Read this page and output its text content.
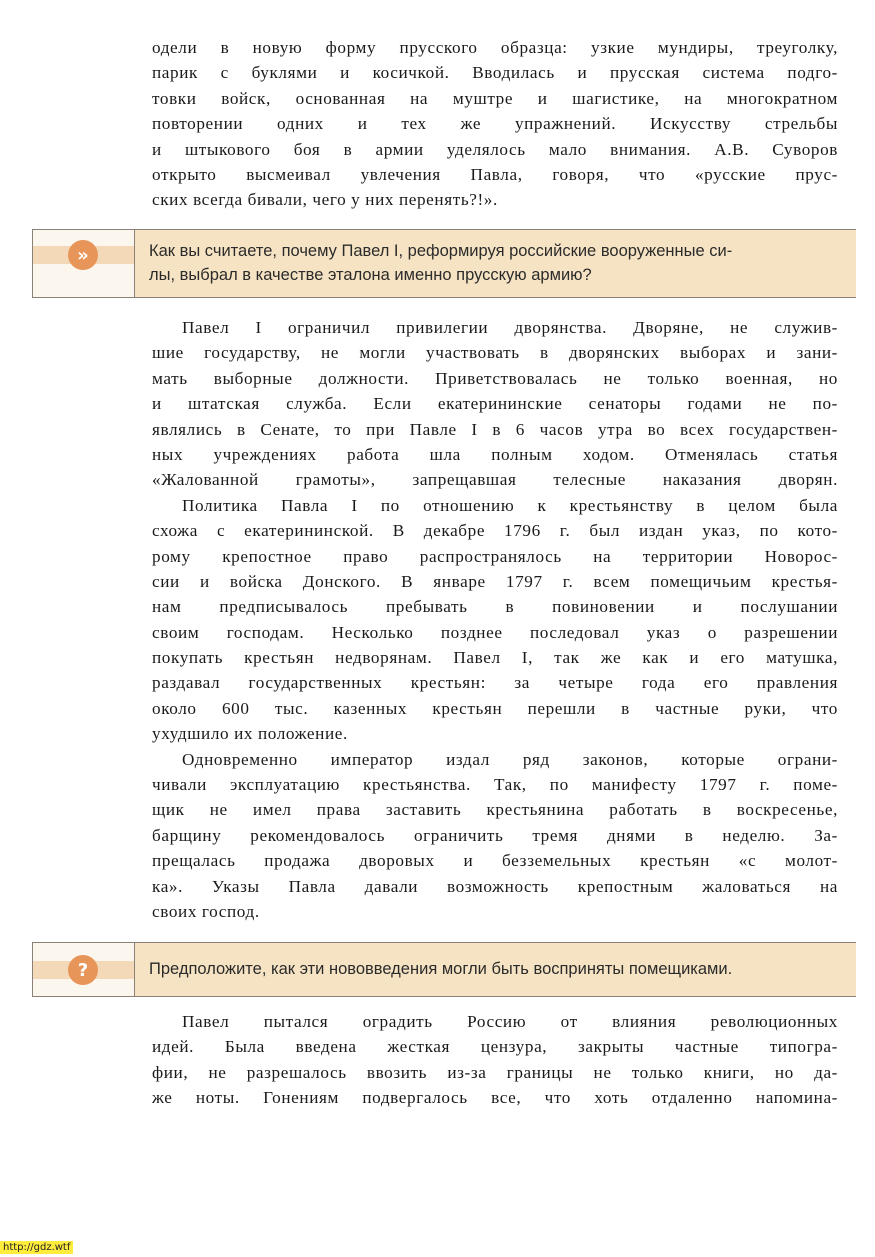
одели в новую форму прусского образца: узкие мундиры, треуголку,
парик с буклями и косичкой. Вводилась и прусская система подго-
товки войск, основанная на муштре и шагистике, на многократном
повторении одних и тех же упражнений. Искусству стрельбы
и штыкового боя в армии уделялось мало внимания. А.В. Суворов
открыто высмеивал увлечения Павла, говоря, что «русские прус-
ских всегда бивали, чего у них перенять?!».
»	Как вы считаете, почему Павел I, реформируя российские вооруженные си-
лы, выбрал в качестве эталона именно прусскую армию?
Павел I ограничил привилегии дворянства. Дворяне, не служив-
шие государству, не могли участвовать в дворянских выборах и зани-
мать выборные должности. Приветствовалась не только военная, но
и штатская служба. Если екатерининские сенаторы годами не по-
являлись в Сенате, то при Павле I в 6 часов утра во всех государствен-
ных учреждениях работа шла полным ходом. Отменялась статья
«Жалованной грамоты», запрещавшая телесные наказания дворян.
Политика Павла I по отношению к крестьянству в целом была
схожа с екатерининской. В декабре 1796 г. был издан указ, по кото-
рому крепостное право распространялось на территории Новорос-
сии и войска Донского. В январе 1797 г. всем помещичьим крестья-
нам предписывалось пребывать в повиновении и послушании
своим господам. Несколько позднее последовал указ о разрешении
покупать крестьян недворянам. Павел I, так же как и его матушка,
раздавал государственных крестьян: за четыре года его правления
около 600 тыс. казенных крестьян перешли в частные руки, что
ухудшило их положение.
Одновременно император издал ряд законов, которые ограни-
чивали эксплуатацию крестьянства. Так, по манифесту 1797 г. поме-
щик не имел права заставить крестьянина работать в воскресенье,
барщину рекомендовалось ограничить тремя днями в неделю. За-
прещалась продажа дворовых и безземельных крестьян «с молот-
ка». Указы Павла давали возможность крепостным жаловаться на
своих господ.
?	Предположите, как эти нововведения могли быть восприняты помещиками.
Павел пытался оградить Россию от влияния революционных
идей. Была введена жесткая цензура, закрыты частные типогра-
фии, не разрешалось ввозить из-за границы не только книги, но да-
же ноты. Гонениям подвергалось все, что хоть отдаленно напомина-
http://gdz.wtf
